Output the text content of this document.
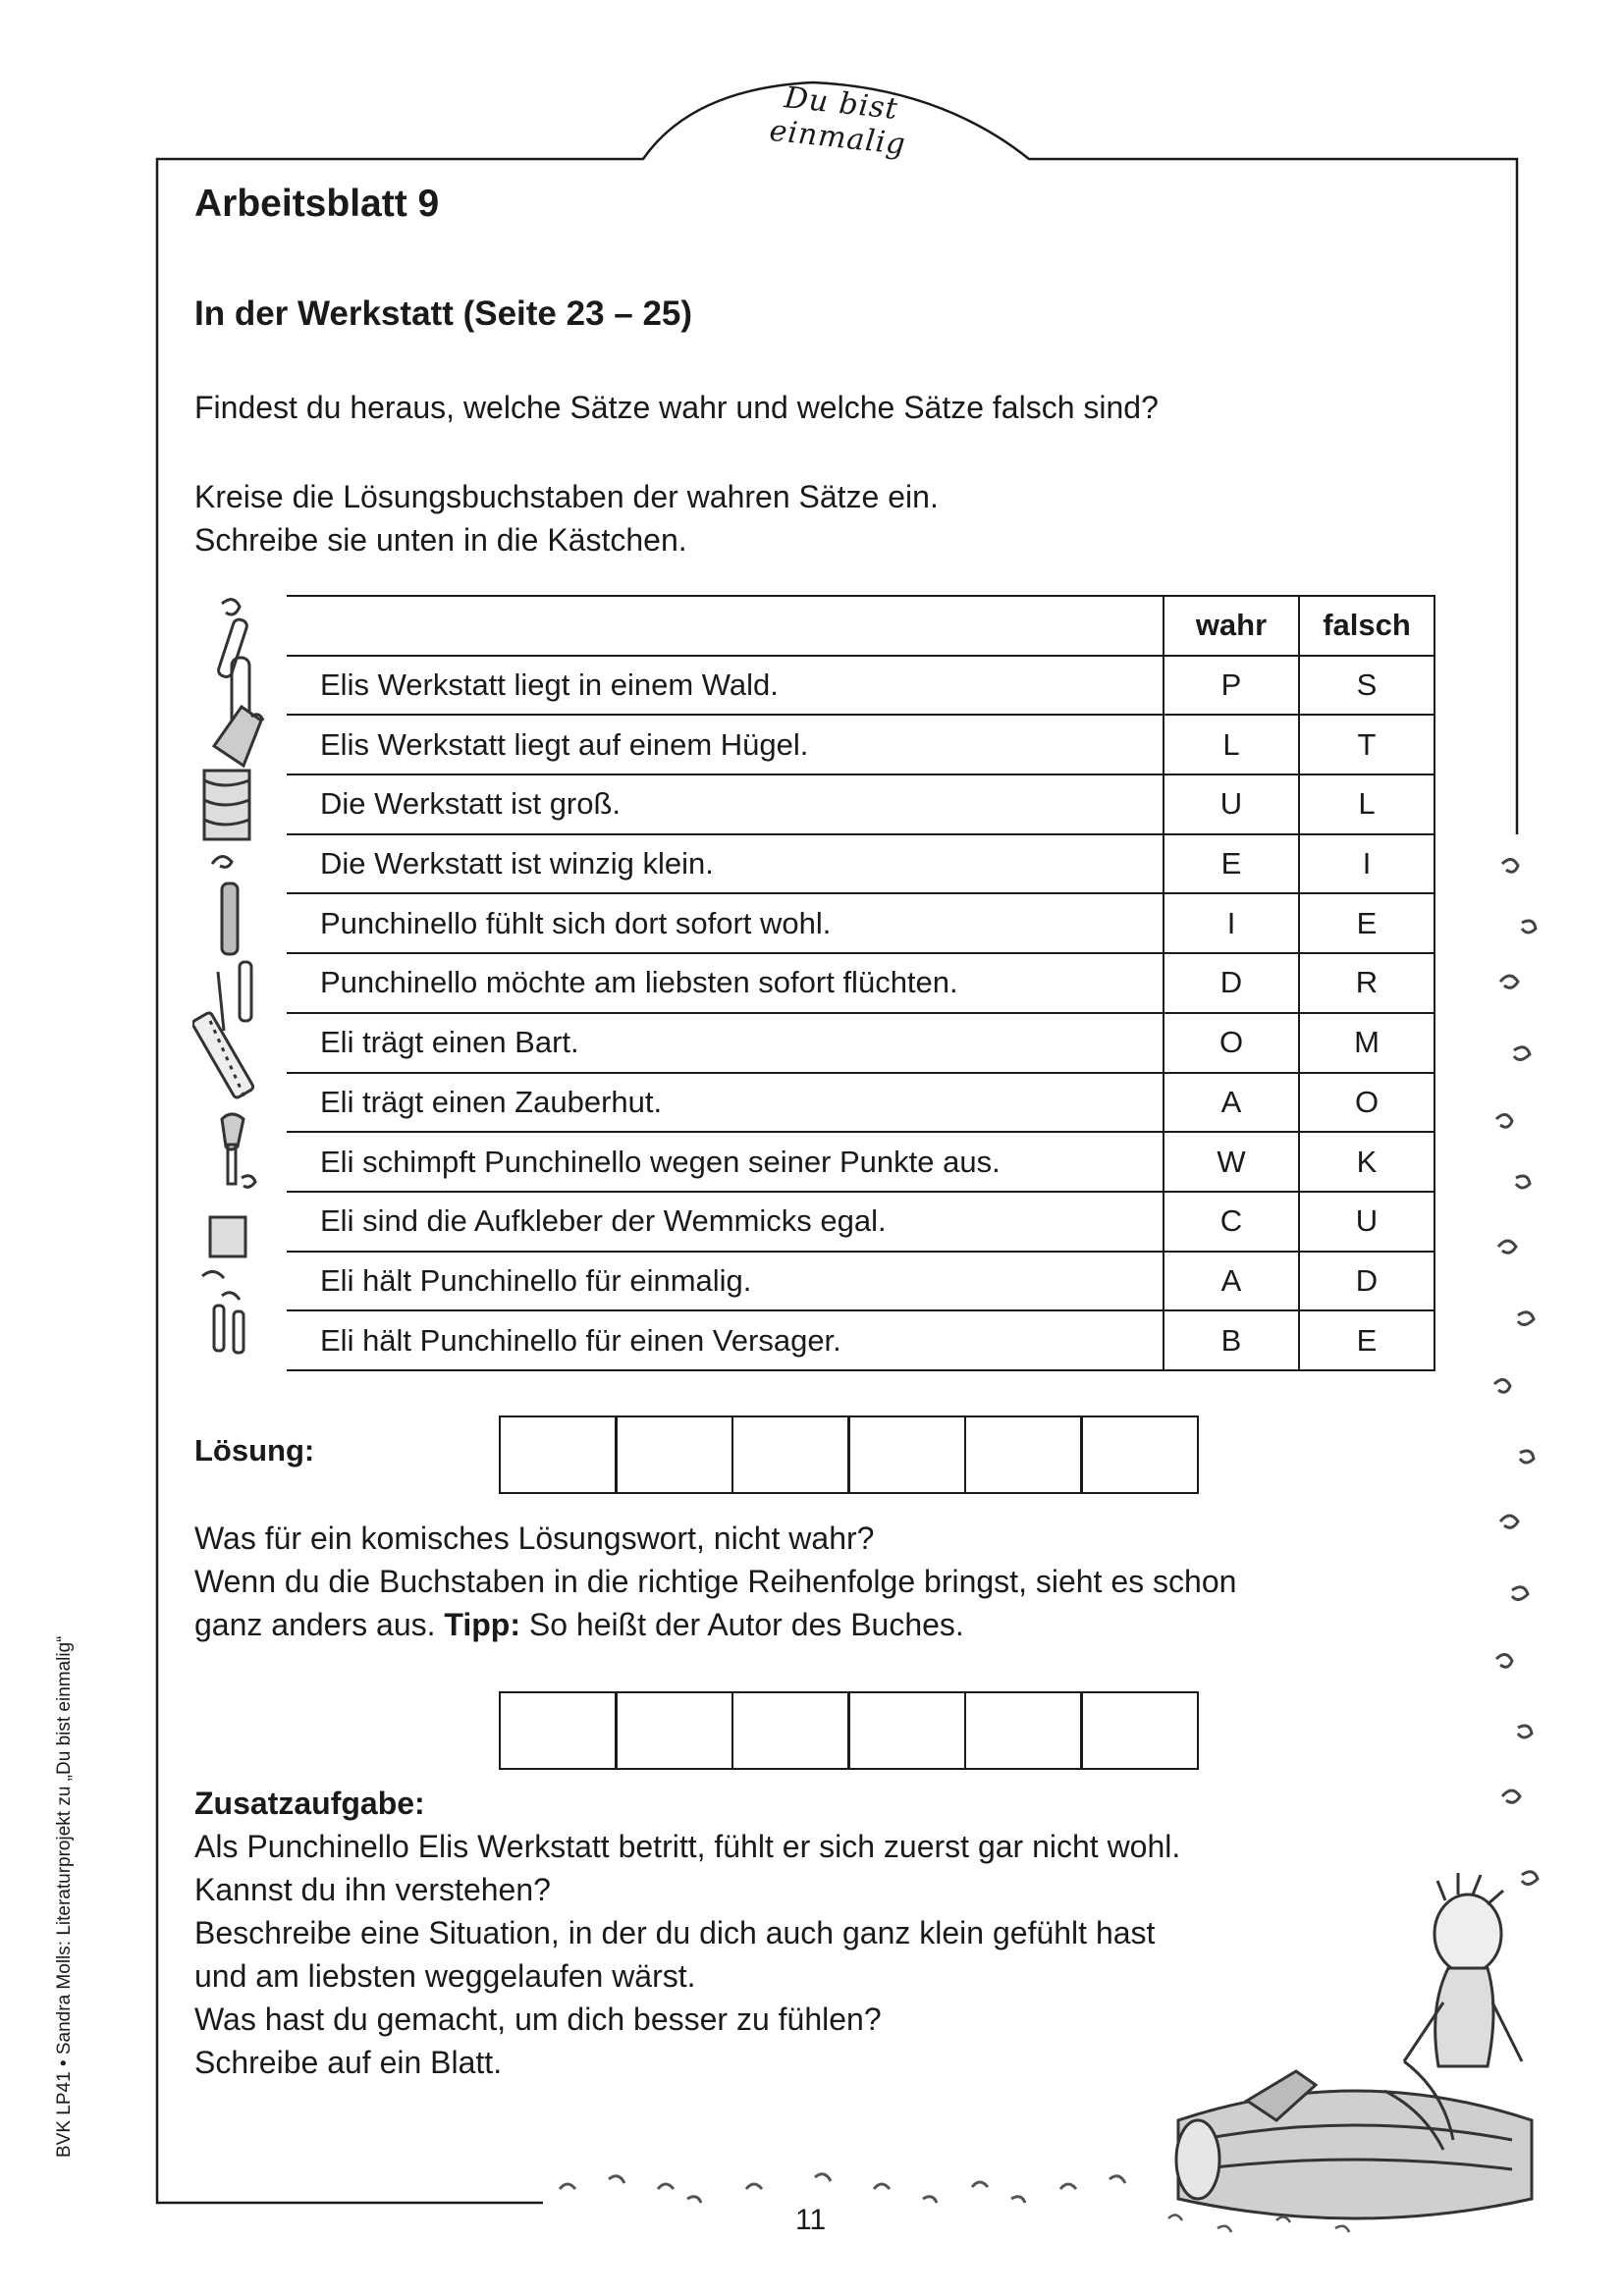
Du bist einmalig
Arbeitsblatt 9
In der Werkstatt (Seite 23 – 25)
Findest du heraus, welche Sätze wahr und welche Sätze falsch sind?
Kreise die Lösungsbuchstaben der wahren Sätze ein.
Schreibe sie unten in die Kästchen.
	wahr	falsch
Elis Werkstatt liegt in einem Wald.	P	S
Elis Werkstatt liegt auf einem Hügel.	L	T
Die Werkstatt ist groß.	U	L
Die Werkstatt ist winzig klein.	E	I
Punchinello fühlt sich dort sofort wohl.	I	E
Punchinello möchte am liebsten sofort flüchten.	D	R
Eli trägt einen Bart.	O	M
Eli trägt einen Zauberhut.	A	O
Eli schimpft Punchinello wegen seiner Punkte aus.	W	K
Eli sind die Aufkleber der Wemmicks egal.	C	U
Eli hält Punchinello für einmalig.	A	D
Eli hält Punchinello für einen Versager.	B	E
Lösung:
Was für ein komisches Lösungswort, nicht wahr?
Wenn du die Buchstaben in die richtige Reihenfolge bringst, sieht es schon
ganz anders aus. Tipp: So heißt der Autor des Buches.
Zusatzaufgabe:
Als Punchinello Elis Werkstatt betritt, fühlt er sich zuerst gar nicht wohl.
Kannst du ihn verstehen?
Beschreibe eine Situation, in der du dich auch ganz klein gefühlt hast
und am liebsten weggelaufen wärst.
Was hast du gemacht, um dich besser zu fühlen?
Schreibe auf ein Blatt.
BVK LP41 • Sandra Molls: Literaturprojekt zu „Du bist einmalig“
11
